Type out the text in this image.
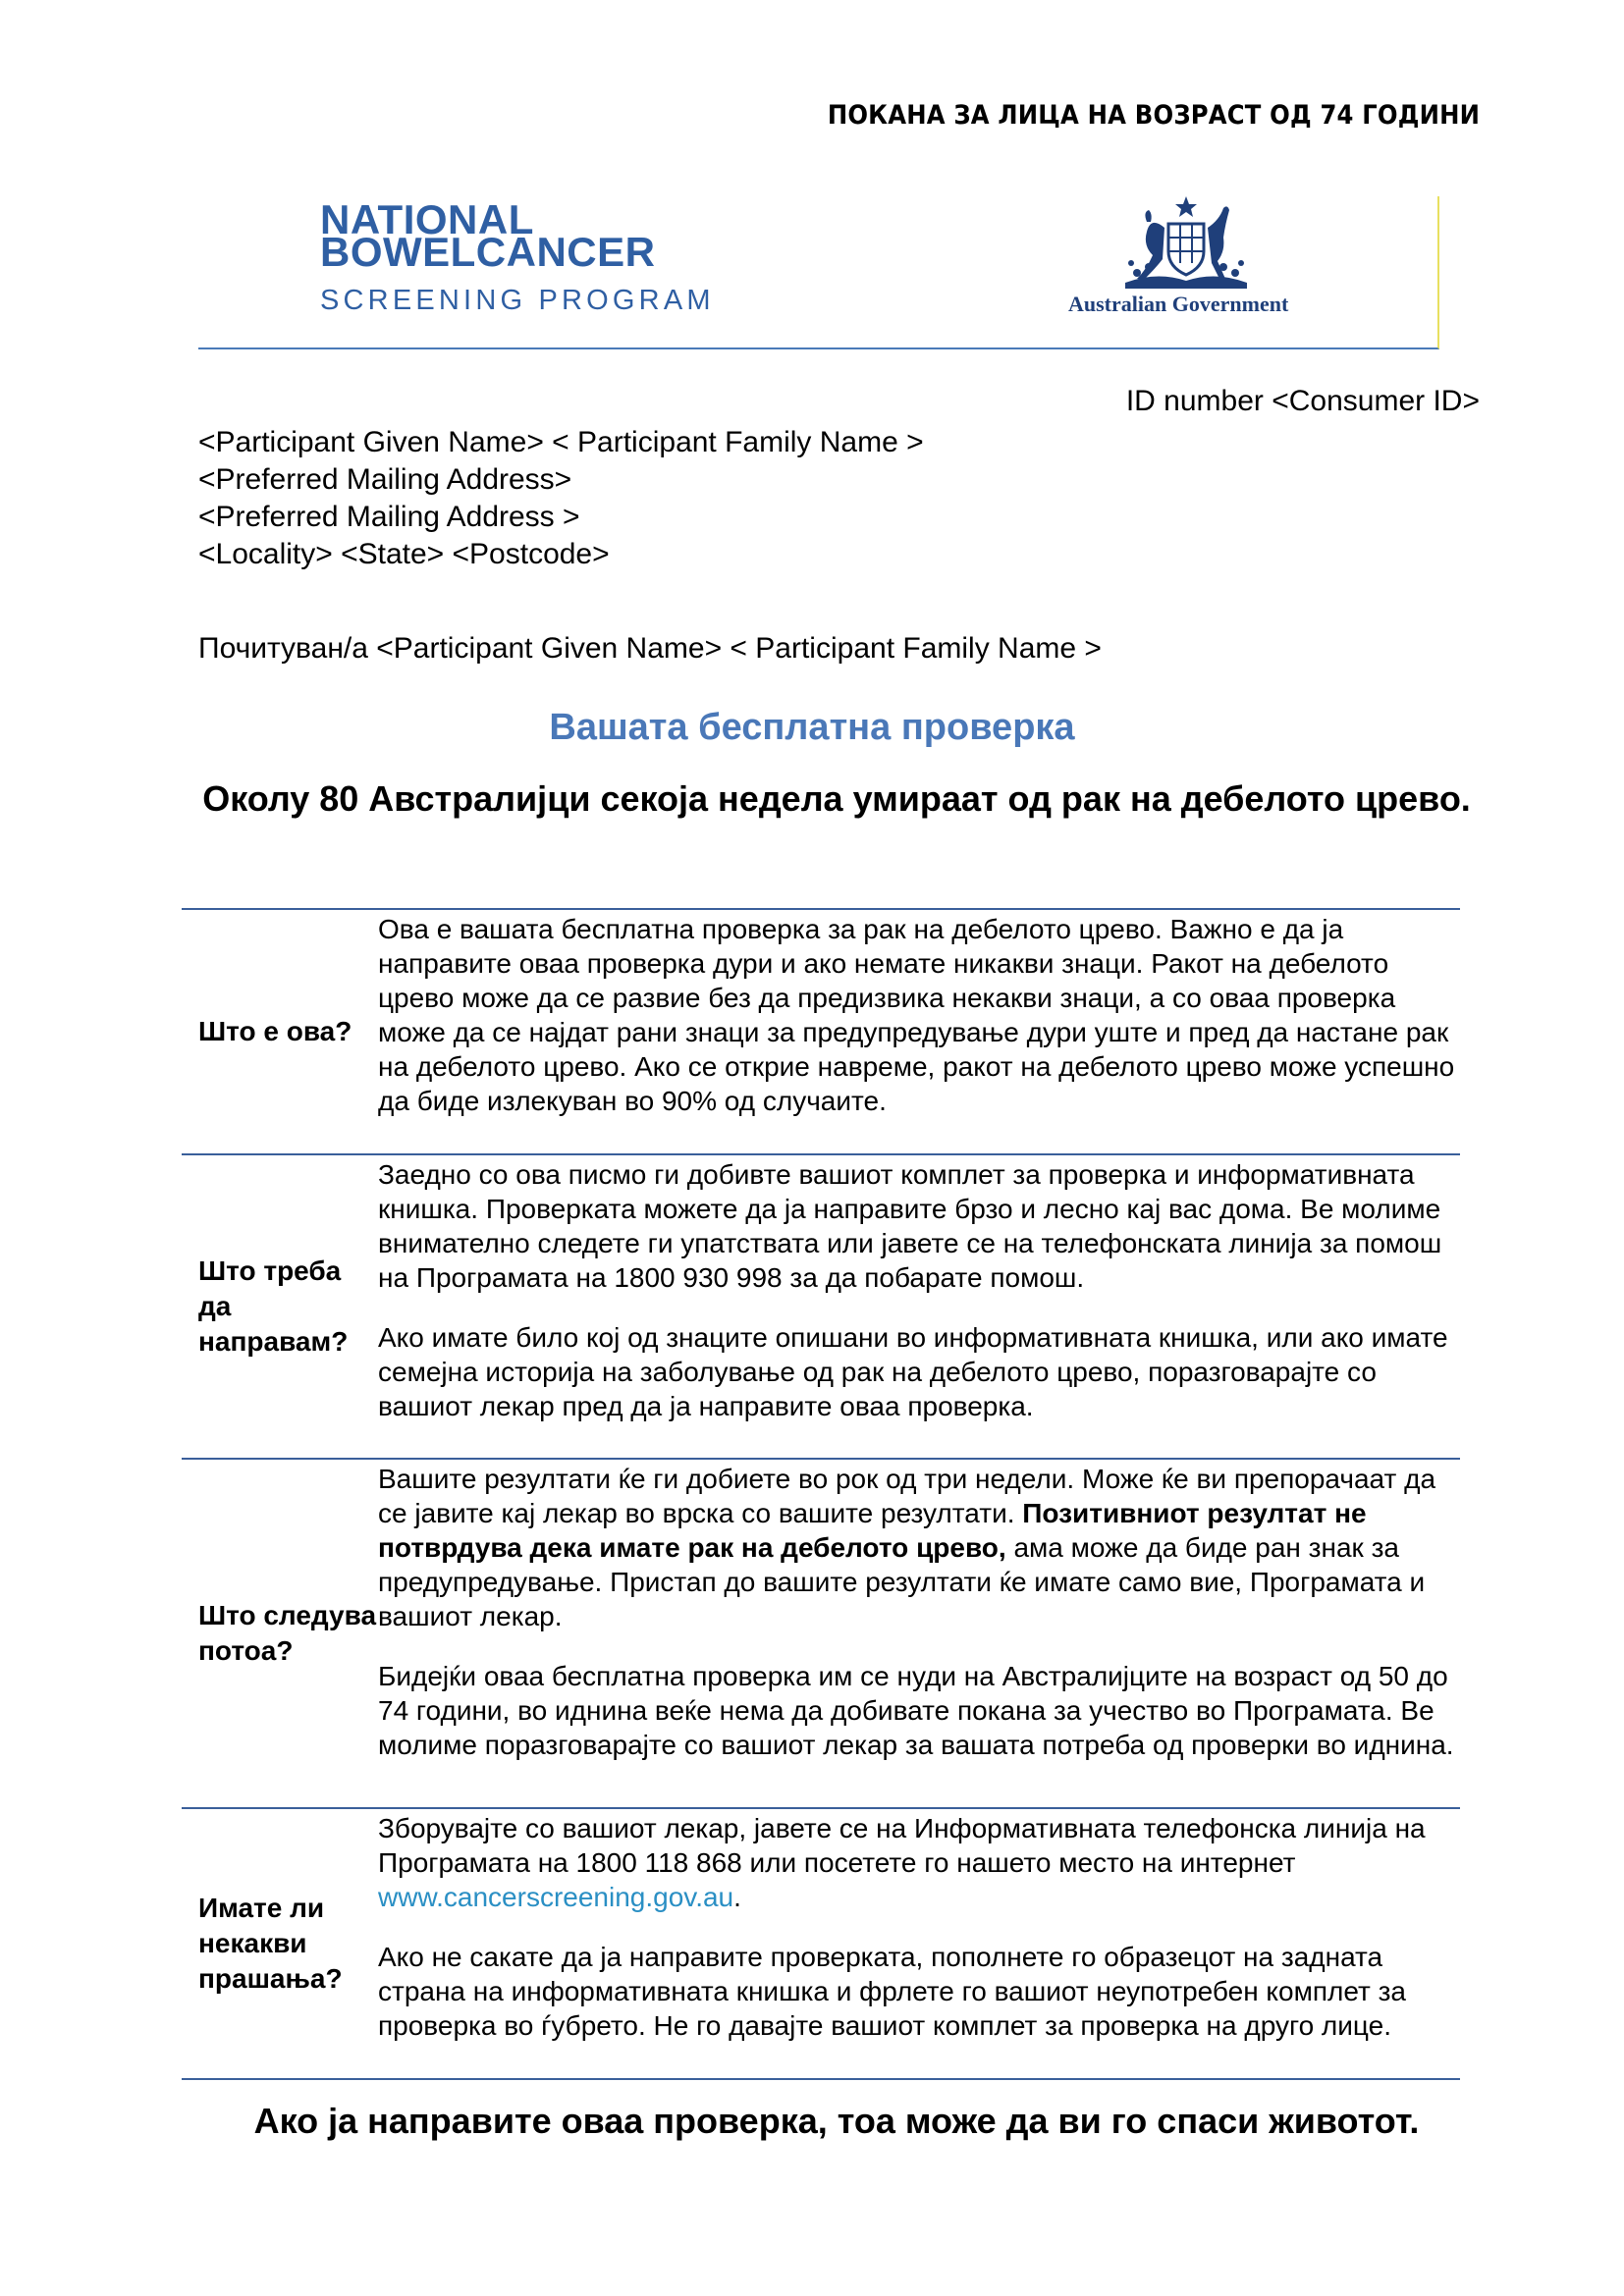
ПОКАНА ЗА ЛИЦА НА ВОЗРАСТ ОД 74 ГОДИНИ
NATIONAL
BOWELCANCER
SCREENING PROGRAM	Australian Government
ID number <Consumer ID>
<Participant Given Name> < Participant Family Name >
<Preferred Mailing Address>
<Preferred Mailing Address >
<Locality> <State> <Postcode>
Почитуван/а <Participant Given Name> < Participant Family Name >
Вашата бесплатна проверка
Околу 80 Австралијци секоја недела умираат од рак на дебелото црево.
Што е ова?

Ова е вашата бесплатна проверка за рак на дебелото црево. Важно е да ја направите оваа проверка дури и ако немате никакви знаци. Ракот на дебелото црево може да се развие без да предизвика некакви знаци, а со оваа проверка може да се најдат рани знаци за предупредување дури уште и пред да настане рак на дебелото црево. Ако се открие навреме, ракот на дебелото црево може успешно да биде излекуван во 90% од случаите.

Што треба да направам?

Заедно со ова писмо ги добивте вашиот комплет за проверка и информативната книшка. Проверката можете да ја направите брзо и лесно кај вас дома. Ве молиме внимателно следете ги упатствата или јавете се на телефонската линија за помош на Програмата на 1800 930 998 за да побарате помош.

Ако имате било кој од знаците опишани во информативната книшка, или ако имате семејна историја на заболување од рак на дебелото црево, поразговарајте со вашиот лекар пред да ја направите оваа проверка.

Што следува потоа?

Вашите резултати ќе ги добиете во рок од три недели. Може ќе ви препорачаат да се јавите кај лекар во врска со вашите резултати. Позитивниот резултат не потврдува дека имате рак на дебелото црево, ама може да биде ран знак за предупредување. Пристап до вашите резултати ќе имате само вие, Програмата и вашиот лекар.

Бидејќи оваа бесплатна проверка им се нуди на Австралијците на возраст од 50 до 74 години, во иднина веќе нема да добивате покана за учество во Програмата. Ве молиме поразговарајте со вашиот лекар за вашата потреба од проверки во иднина.

Имате ли некакви прашања?

Зборувајте со вашиот лекар, јавете се на Информативната телефонска линија на Програмата на 1800 118 868 или посетете го нашето место на интернет www.cancerscreening.gov.au.

Ако не сакате да ја направите проверката, пополнете го образецот на задната страна на информативната книшка и фрлете го вашиот неупотребен комплет за проверка во ѓубрето. Не го давајте вашиот комплет за проверка на друго лице.

Ако ја направите оваа проверка, тоа може да ви го спаси животот.
